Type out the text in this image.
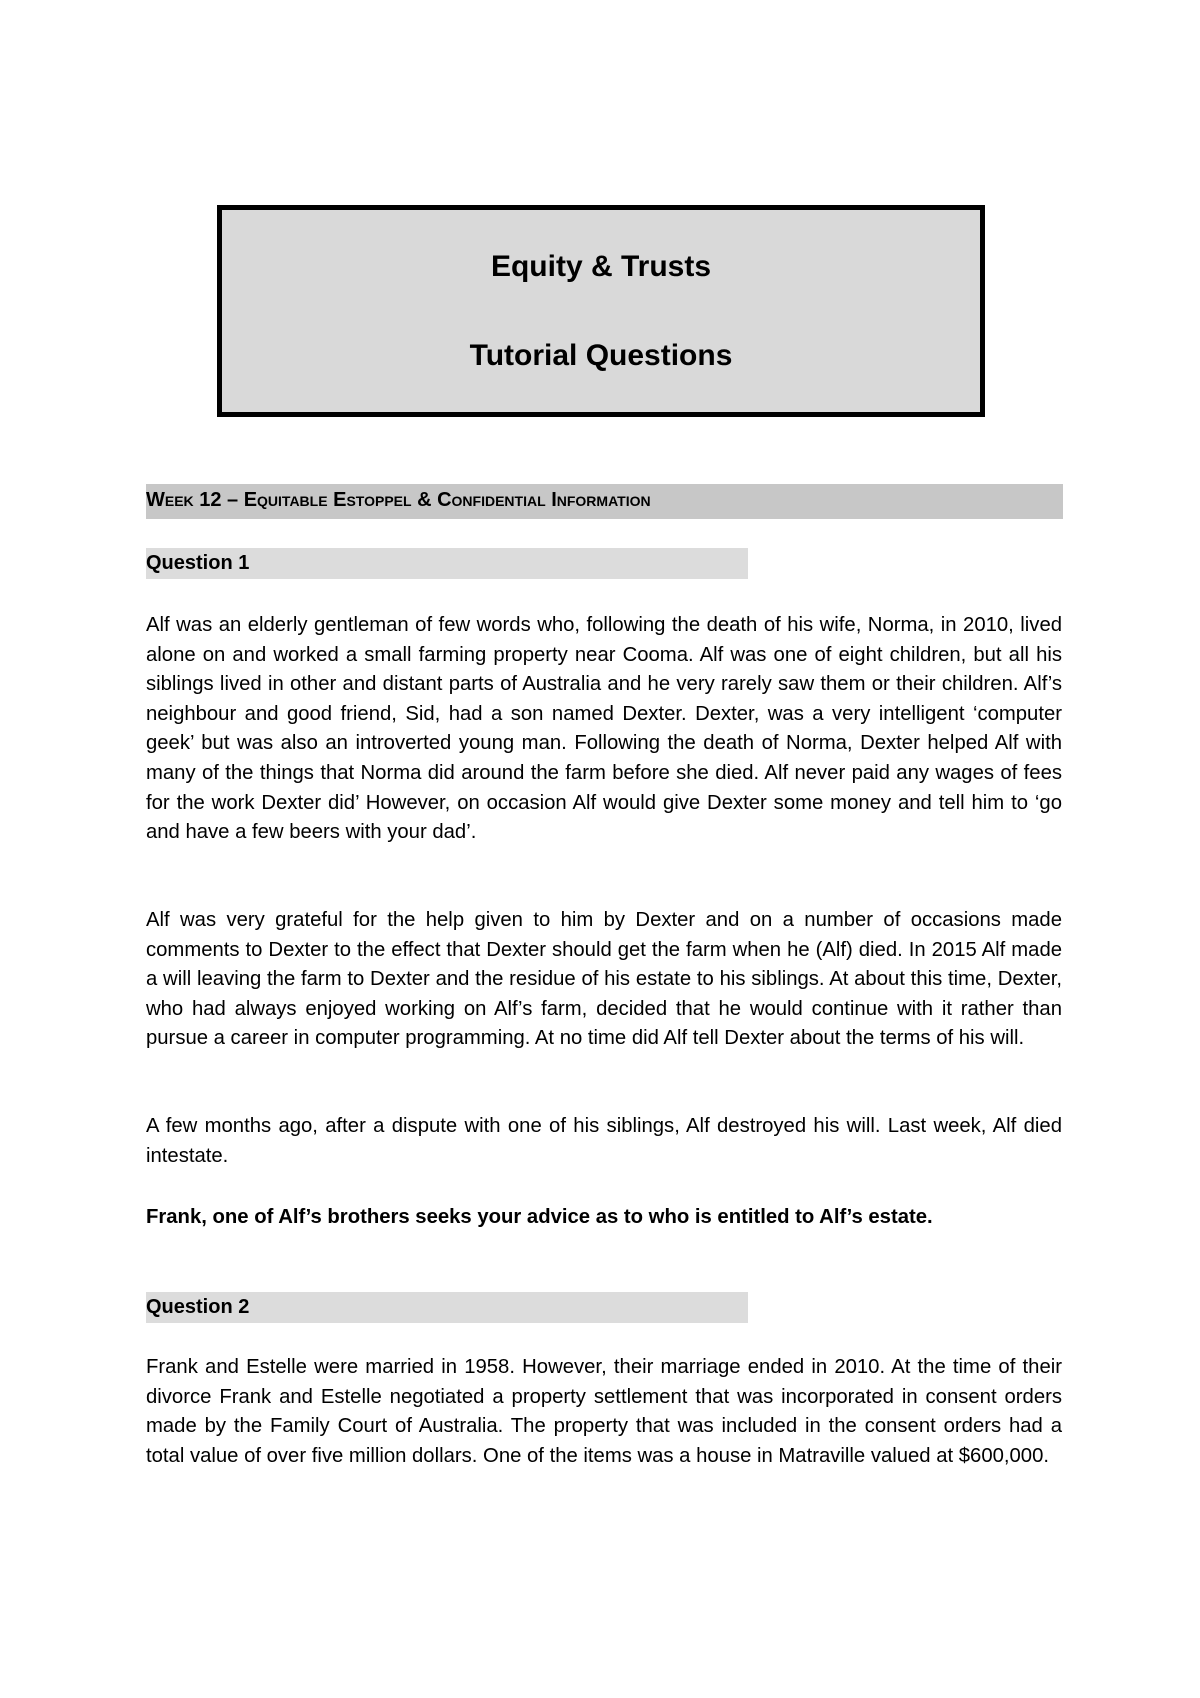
Equity & Trusts
Tutorial Questions
Week 12 – Equitable Estoppel & Confidential Information
Question 1

Alf was an elderly gentleman of few words who, following the death of his wife, Norma, in 2010, lived alone on and worked a small farming property near Cooma. Alf was one of eight children, but all his siblings lived in other and distant parts of Australia and he very rarely saw them or their children. Alf’s neighbour and good friend, Sid, had a son named Dexter. Dexter, was a very intelligent ‘computer geek’ but was also an introverted young man. Following the death of Norma, Dexter helped Alf with many of the things that Norma did around the farm before she died. Alf never paid any wages of fees for the work Dexter did’ However, on occasion Alf would give Dexter some money and tell him to ‘go and have a few beers with your dad’.

Alf was very grateful for the help given to him by Dexter and on a number of occasions made comments to Dexter to the effect that Dexter should get the farm when he (Alf) died. In 2015 Alf made a will leaving the farm to Dexter and the residue of his estate to his siblings. At about this time, Dexter, who had always enjoyed working on Alf’s farm, decided that he would continue with it rather than pursue a career in computer programming. At no time did Alf tell Dexter about the terms of his will.

A few months ago, after a dispute with one of his siblings, Alf destroyed his will. Last week, Alf died intestate.

Frank, one of Alf’s brothers seeks your advice as to who is entitled to Alf’s estate.

Question 2

Frank and Estelle were married in 1958. However, their marriage ended in 2010. At the time of their divorce Frank and Estelle negotiated a property settlement that was incorporated in consent orders made by the Family Court of Australia. The property that was included in the consent orders had a total value of over five million dollars. One of the items was a house in Matraville valued at $600,000.
